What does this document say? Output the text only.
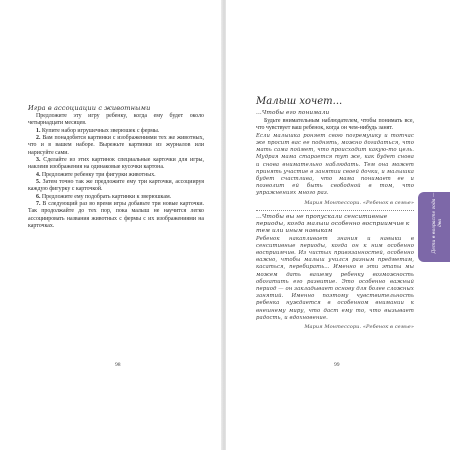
Игра в ассоциации с животными

Предложите эту игру ребенку, когда ему будет около четырнадцати месяцев.

1. Купите набор игрушечных зверюшек с фермы.

2. Вам понадобятся картинки с изображениями тех же животных, что и в вашем наборе. Вырежьте картинки из журналов или нарисуйте сами.

3. Сделайте из этих картинок специальные карточки для игры, наклеив изображения на одинаковые кусочки картона.

4. Предложите ребенку три фигурки животных.

5. Затем точно так же предложите ему три карточки, ассоциируя каждую фигурку с карточкой.

6. Предложите ему подобрать картинки к зверюшкам.

7. В следующий раз во время игры добавьте три новые карточки. Так продолжайте до тех пор, пока малыш не научится легко ассоциировать названия животных с фермы с их изображениями на карточках.

98
Малыш хочет...
...Чтобы его понимали

Будьте внимательным наблюдателем, чтобы понимать все, что чувствует ваш ребенок, когда он чем-нибудь занят.

Если малышка роняет свою погремушку и тотчас же просит вас ее поднять, можно догадаться, что мать сама поймет, что происходит какую-то цель. Мудрая мама старается тут же, как будет снова и снова внимательно наблюдать. Тем она может принять участие в занятии своей дочки, и малышка будет счастлива, что мама понимает ее и позволит ей быть свободной в том, что упражнениях много раз.

Мария Монтессори. «Ребенок в семье»
...Чтобы вы не пропускали сенситивные периоды, когда малыш особенно восприимчив к тем или иным навыкам

Ребенок накапливает знания и навыки в сенситивные периоды, когда он к ним особенно восприимчив. Из чистых привязанностей, особенно важно, чтобы малыш учился разным предметам, касаться, перебирать... Именно в эти этапы мы можем дать вашему ребенку возможность обогатить его развитие. Это особенно важный период — он закладывает основу для более сложных занятий. Именно поэтому чувствительность ребенка нуждается в особенном внимании к внешнему миру, что даст ему то, что вызывает радость, и вдохновение.

Мария Монтессори. «Ребенок в семье»
99
Дети в возрасте года — два
